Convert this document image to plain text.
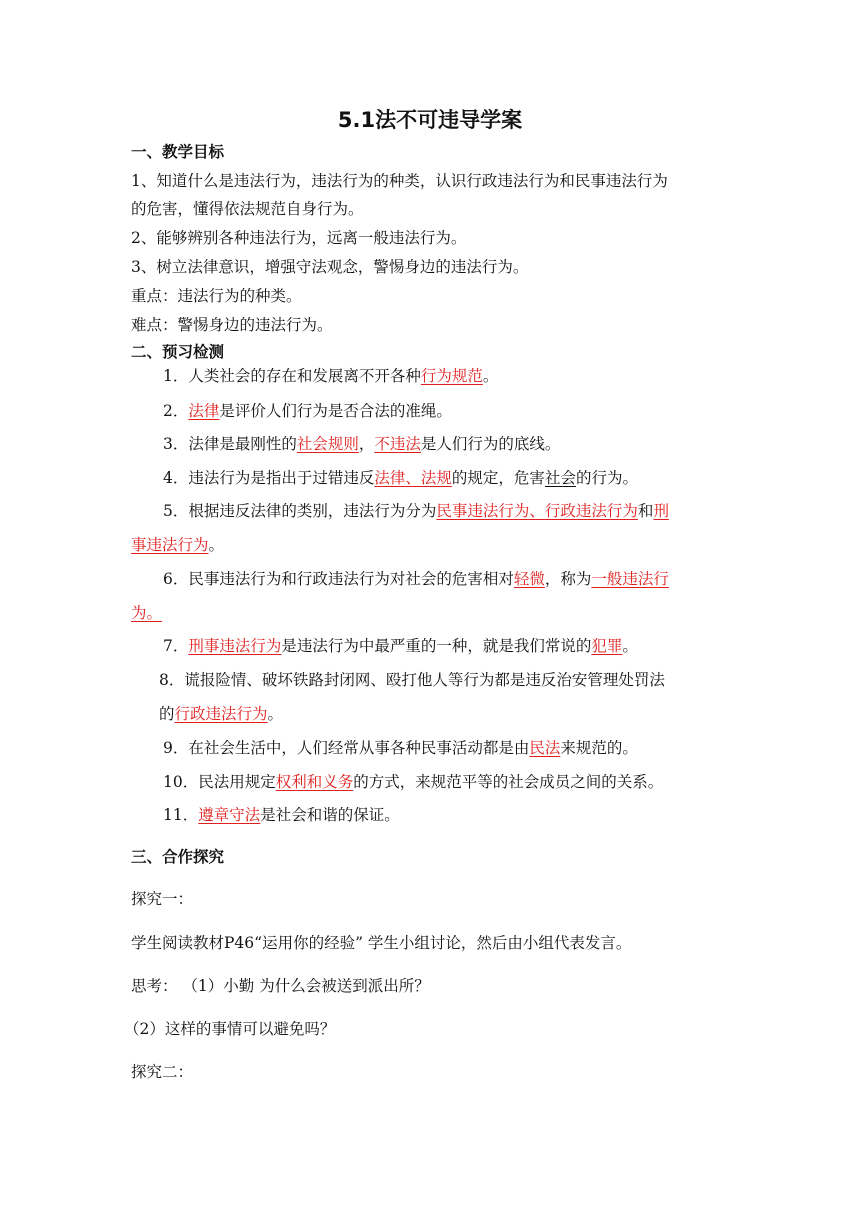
5.1法不可违导学案
一、教学目标
1、知道什么是违法行为，违法行为的种类，认识行政违法行为和民事违法行为
的危害，懂得依法规范自身行为。
2、能够辨别各种违法行为，远离一般违法行为。
3、树立法律意识，增强守法观念，警惕身边的违法行为。
重点：违法行为的种类。
难点：警惕身边的违法行为。
二、预习检测
1．人类社会的存在和发展离不开各种行为规范。
2．法律是评价人们行为是否合法的准绳。
3．法律是最刚性的社会规则，不违法是人们行为的底线。
4．违法行为是指出于过错违反法律、法规的规定，危害社会的行为。
5．根据违反法律的类别，违法行为分为民事违法行为、行政违法行为和刑
事违法行为。
6．民事违法行为和行政违法行为对社会的危害相对轻微，称为一般违法行
为。
7．刑事违法行为是违法行为中最严重的一种，就是我们常说的犯罪。
8．谎报险情、破坏铁路封闭网、殴打他人等行为都是违反治安管理处罚法
的行政违法行为。
9．在社会生活中，人们经常从事各种民事活动都是由民法来规范的。
10．民法用规定权利和义务的方式，来规范平等的社会成员之间的关系。
11．遵章守法是社会和谐的保证。
三、合作探究
探究一：
学生阅读教材P46“运用你的经验” 学生小组讨论，然后由小组代表发言。
思考： （1）小勤 为什么会被送到派出所？
（2）这样的事情可以避免吗？
探究二：
